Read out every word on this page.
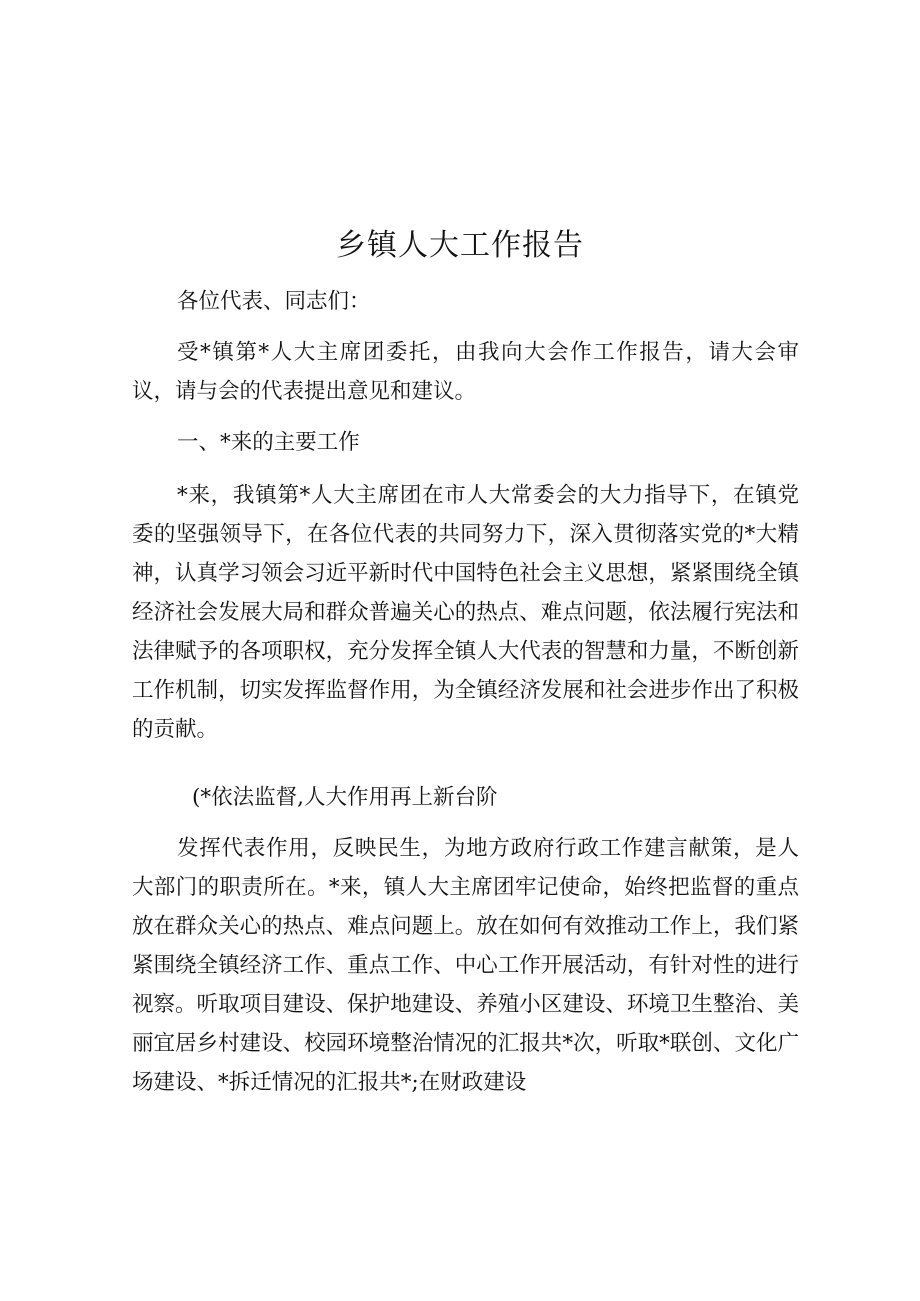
乡镇人大工作报告

各位代表、同志们：

受*镇第*人大主席团委托，由我向大会作工作报告，请大会审议，请与会的代表提出意见和建议。

一、*来的主要工作

*来，我镇第*人大主席团在市人大常委会的大力指导下，在镇党委的坚强领导下，在各位代表的共同努力下，深入贯彻落实党的*大精神，认真学习领会习近平新时代中国特色社会主义思想，紧紧围绕全镇经济社会发展大局和群众普遍关心的热点、难点问题，依法履行宪法和法律赋予的各项职权，充分发挥全镇人大代表的智慧和力量，不断创新工作机制，切实发挥监督作用，为全镇经济发展和社会进步作出了积极的贡献。

(*依法监督,人大作用再上新台阶

发挥代表作用，反映民生，为地方政府行政工作建言献策，是人大部门的职责所在。*来，镇人大主席团牢记使命，始终把监督的重点放在群众关心的热点、难点问题上。放在如何有效推动工作上，我们紧紧围绕全镇经济工作、重点工作、中心工作开展活动，有针对性的进行视察。听取项目建设、保护地建设、养殖小区建设、环境卫生整治、美丽宜居乡村建设、校园环境整治情况的汇报共*次，听取*联创、文化广场建设、*拆迁情况的汇报共*;在财政建设
